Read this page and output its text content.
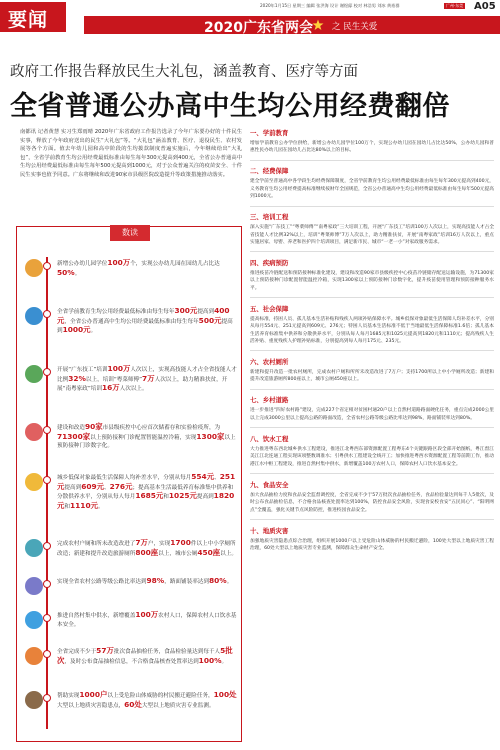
要闻
2020年1月15日 星期三 编辑 张洪海 设计 谢煜邸 校对 林浩男 刘冰 黄裕群	广州·东莞 A05
2020广东省两会 之 民生关爱
政府工作报告释放民生大礼包，涵盖教育、医疗等方面
全省普通公办高中生均公用经费翻倍
南都讯 记者黄慧 实习生郑雨晴 2020年广东省政府工作报告选录了今年广东要办好的十件民生实事，释放了今年政府送出的民生“大礼包”等。“大礼包”涵盖教育、医疗、退役民生、农村发展等各个方面。值去年幼儿园和高中阶段的生均拨款制度普遍实施后，今年继续给出“大礼包”，全省学前教育生均公用经费最低标准由每生每年300元提高到400元，全省公办普通高中生均公用经费最低标准由每生每年500元提高到1000元，对于公众普遍关注的疫苗安全、十件民生实事也值予同意。广东将继续和改进90家市县级医院改造提升等政策措施推动落实。
数读
新增公办幼儿园学位100万个，实现公办幼儿园在园幼儿占比达50%。
全省学前教育生均公用经费最低标准由每生每年300元提高到400元，全省公办普通高中生均公用经费最低标准由每生每年500元提高到1000元。
开展“广东技工”培训100万人次以上，实现高技能人才占全省技能人才比例32%以上，培训“粤菜师傅”7万人次以上，助力精准扶贫，开展“南粤家政”培训16万人次以上。
建设和改造90家市县级疾控中心应首次储蓄存和实验检疫所，为71300家以上预防接种门诊配置智能温控冷箱，实现1300家以上预防接种门诊数字化。
城乡低保对象最低生活保障人均补差水平，分别从每月554元、251元提高到609元、276元；提高基本生活最低养育标准集中供养和分散供养水平，分别从每人每月1685元和1025元提高到1820元和1110元。
完成农村户厕和所未改造改进了7万户，实现1700件以上中小学厕所改造；新建和提升改造旅游厕所800座以上，城市公厕450座以上。
实现全省农村公路等级公路比率达到98%，路面铺装率达到80%。
推进自然村集中供水，新增覆盖100万农村人口，保障农村人口饮水基本安全。
全省完成不少于57万批次食品抽检任务，食品检验量达到每千人5批次，及时公布食品抽检信息，不合格食品核查处置率达到100%。
帮助实现1000户以上受危险山体威胁的村民搬迁避险任务，100处大型以上地质灾害隐患点，60处大型以上地质灾害专业监测。
一、学前教育

增加学前教育公办学位供给，新增公办幼儿园学位100万个，实现公办幼儿园在园幼儿占比达50%，公办幼儿园和普惠性民办幼儿园在园幼儿占比达80%以上的目标。

二、经费保障

建全学前至普通高中各学段生均经费保障制度，全省学前教育生均公用经费最低标准由每生每年300元提高到400元，义务教育生均公用经费提高标准继续按财年全国规范，全省公办普通高中生均公用经费最低标准由每生每年500元提高到1000元。

三、培训工程

深入实施“广东技工”“粤菜师傅”“南粤家政”三大培训工程，开展“广东技工”培训100万人次以上，实现高技能人才占全省技能人才比例32%以上，培训“粤菜师傅”7万人次以上，助力精准扶贫，开展“南粤家政”培训16万人次以上，重点实施居家、母婴、养老和医护四个培训项目，满足新市民、城市“一老一小”对家政服务需求。

四、疾病预防

推进疫苗冷链配送和预防接种标准化建设，建设和改造90家市县级疾控中心疫苗冷链储存配送运输设施，为71300家以上预防接种门诊配置智能温控冷箱，实现1300家以上预防接种门诊数字化，提升疫苗使用管理和预防接种服务水平。

五、社会保障

提高标准，持困人员、孤儿基本生活补贴和残疾人两项补贴保障水平。城乡低保对象最低生活保障人均补差水平，分别从每月554元、251元提高到609元、276元；特困人员基本生活标准不低于当地最低生活保障标准1.6倍；孤儿基本生活养育标准集中供养和分散供养水平，分别从每人每月1685元和1025元提高到1820元和1110元；提高残疾人生活补贴、重度残疾人护理补贴标准，分别提高到每人每月175元、235元。

六、农村厕所

新建和提升改造一批农村厕所，完成农村户厕和所所未改造改进了7万户；支持1700所以上中小学厕所改造；新建和提升改造旅游厕所800座以上，城市公厕450座以上。

七、乡村道路

进一步推进“四好农村路”建设，完成227个省定相对贫困村通20户以上自然村道路路面硬化任务，重点完成2000公里以上完成3000公里以上提高公路的路面改造，全省农村公路等级公路比率达到98%，路面铺装率达到80%。

八、饮水工程

大力推进粤东西北城乡供水工程建设，推进江北粤西东部资源配置工程粤东4个关键跟路区段全部开始图纸，粤江督江美江江北连通工程实现该项整数调准水；引粤供水工程建设全线开工；加快推进粤西水资源配置工程等前期工作，推动港江水中枢工程建设，推进自然村集中供水，新增覆盖100万农村人口，保障农村人口饮水基本安全。

九、食品安全

加大食品抽检力度和食品安全监督调控度，全省完成不少于57万批次食品抽检任务，食品检验量达到每千人5批次，及时公布食品抽检信息，不合格食品核查处置率达到100%，防控食品安全风险，实现食安校食安“五民同心”、“阳明网点”全覆盖，强化关键节点风险防控，推进校园食品安全。

十、地质灾害

加强地质灾害隐患点综合治理，组织开展1000户以上受危险山体威胁的村民搬迁避险，100处大型以上地质灾害工程治理，60处大型以上地质灾害专业监测，保障群众生命财产安全。
